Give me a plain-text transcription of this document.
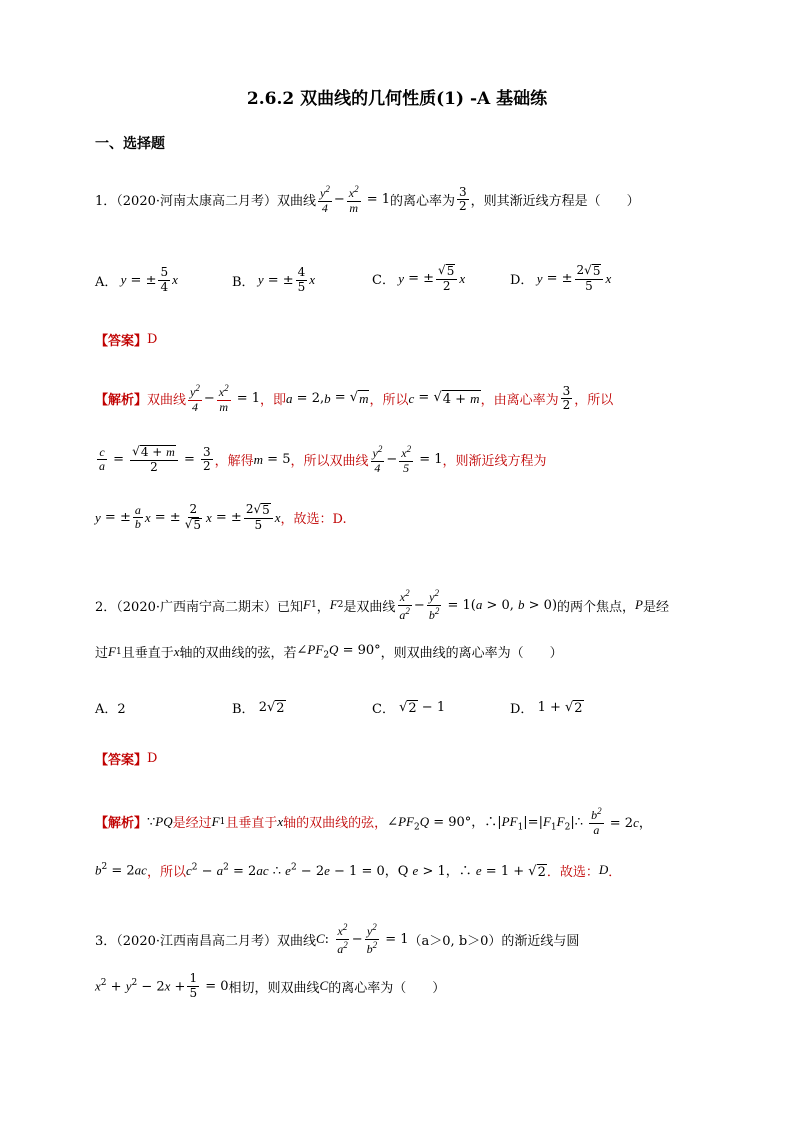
2.6.2 双曲线的几何性质(1) -A 基础练
一、选择题
1．（2020·河南太康高二月考）双曲线 $\frac{y^2}{4} - \frac{x^2}{m} = 1$ 的离心率为 $\frac{3}{2}$ ，则其渐近线方程是（　　）
A． y = ± $\frac{5}{4}$ x	B． y = ± $\frac{4}{5}$ x	C． y = ± $\frac{√ 5}{2}$ x	D． y = ± $\frac{2√ 5}{5}$ x
【答案】 D
【解析】 双曲线 $\frac{y^2}{4} - \frac{x^2}{m} = 1$ ，即 a = 2, b = √ m ，所以 c = √ 4 + m ，由离心率为 $\frac{3}{2}$ ，所以
$\frac{c}{a} = \frac{√ 4 + m}{2} = \frac{3}{2}$ ，解得 m = 5 ，所以双曲线 $\frac{y^2}{4} - \frac{x^2}{5} = 1$ ，则渐近线方程为
y = ± $\frac{a}{b}$ x = ± $\frac{2}{√ 5}$ x = ± $\frac{2√ 5}{5}$ x ，故选：D.
2．（2020·广西南宁高二期末）已知 F 1 ， F 2 是双曲线 $\frac{x^2}{a^2} - \frac{y^2}{b^2} = 1(a > 0$, b > 0) 的两个焦点， P 是经
过 F 1 且垂直于 x 轴的双曲线的弦，若 $\angle PF_2Q = 90^\circ$ ，则双曲线的离心率为（　　）
A．2	B． 2√ 2	C． √ 2 − 1	D． 1 + √ 2
【答案】 D
【解析】 ∵PQ 是经过 F 1 且垂直于 x 轴的双曲线的弦， $\angle PF_2Q = 90^\circ$，$\therefore|PF_1|=|F_1F_2|\therefore \frac{b^2}{a} = 2c$，
$b^2 = 2ac$ ，所以 $c^2 - a^2 = 2ac$ ∴ $e^2 - 2e - 1 = 0$，Q e > 1，∴ e = 1 + √ 2 ．故选： D ．
3．（2020·江西南昌高二月考）双曲线 C : $\frac{x^2}{a^2} - \frac{y^2}{b^2} = 1$ （a＞0, b＞0） 的渐近线与圆
$x^2 + y^2 - 2x + \frac{1}{5} = 0$ 相切，则双曲线 C 的离心率为（　　）
